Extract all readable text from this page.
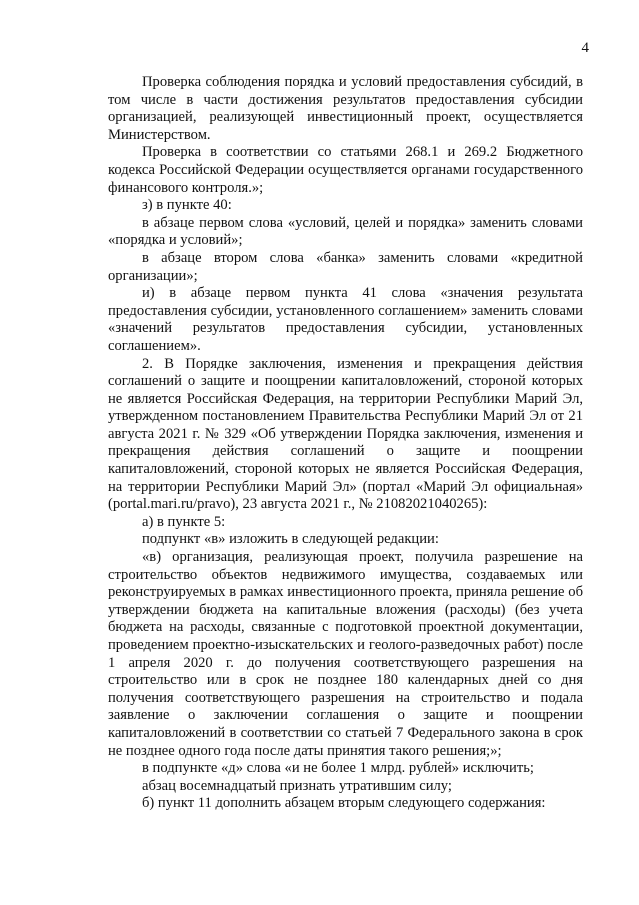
4

Проверка соблюдения порядка и условий предоставления субсидий, в том числе в части достижения результатов предоставления субсидии организацией, реализующей инвестиционный проект, осуществляется Министерством.

Проверка в соответствии со статьями 268.1 и 269.2 Бюджетного кодекса Российской Федерации осуществляется органами государственного финансового контроля.»;

з) в пункте 40:

в абзаце первом слова «условий, целей и порядка» заменить словами «порядка и условий»;

в абзаце втором слова «банка» заменить словами «кредитной организации»;

и) в абзаце первом пункта 41 слова «значения результата предоставления субсидии, установленного соглашением» заменить словами «значений результатов предоставления субсидии, установленных соглашением».

2. В Порядке заключения, изменения и прекращения действия соглашений о защите и поощрении капиталовложений, стороной которых не является Российская Федерация, на территории Республики Марий Эл, утвержденном постановлением Правительства Республики Марий Эл от 21 августа 2021 г. № 329 «Об утверждении Порядка заключения, изменения и прекращения действия соглашений о защите и поощрении капиталовложений, стороной которых не является Российская Федерация, на территории Республики Марий Эл» (портал «Марий Эл официальная» (portal.mari.ru/pravo), 23 августа 2021 г., № 21082021040265):

а) в пункте 5:

подпункт «в» изложить в следующей редакции:

«в) организация, реализующая проект, получила разрешение на строительство объектов недвижимого имущества, создаваемых или реконструируемых в рамках инвестиционного проекта, приняла решение об утверждении бюджета на капитальные вложения (расходы) (без учета бюджета на расходы, связанные с подготовкой проектной документации, проведением проектно-изыскательских и геолого-разведочных работ) после 1 апреля 2020 г. до получения соответствующего разрешения на строительство или в срок не позднее 180 календарных дней со дня получения соответствующего разрешения на строительство и подала заявление о заключении соглашения о защите и поощрении капиталовложений в соответствии со статьей 7 Федерального закона в срок не позднее одного года после даты принятия такого решения;»;

в подпункте «д» слова «и не более 1 млрд. рублей» исключить;

абзац восемнадцатый признать утратившим силу;

б) пункт 11 дополнить абзацем вторым следующего содержания:
